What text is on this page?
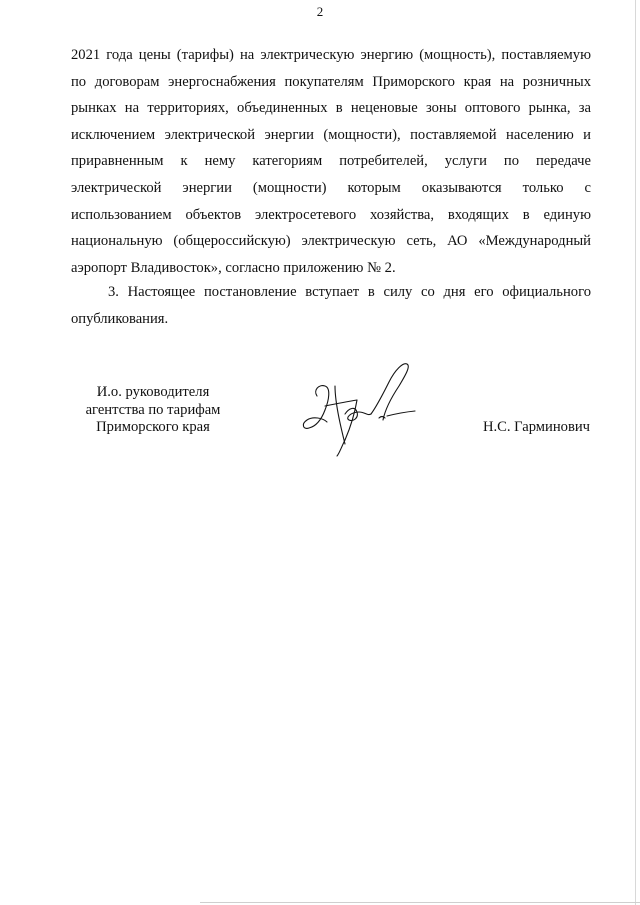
2
2021 года цены (тарифы) на электрическую энергию (мощность), поставляемую
по договорам энергоснабжения покупателям Приморского края на розничных
рынках на территориях, объединенных в неценовые зоны оптового рынка, за
исключением электрической энергии (мощности), поставляемой населению и
приравненным к нему категориям потребителей, услуги по передаче
электрической энергии (мощности) которым оказываются только с
использованием объектов электросетевого хозяйства, входящих в единую
национальную (общероссийскую) электрическую сеть, АО «Международный
аэропорт Владивосток», согласно приложению № 2.
3. Настоящее постановление вступает в силу со дня его официального
опубликования.
И.о. руководителя
агентства по тарифам
Приморского края	Н.С. Гарминович
